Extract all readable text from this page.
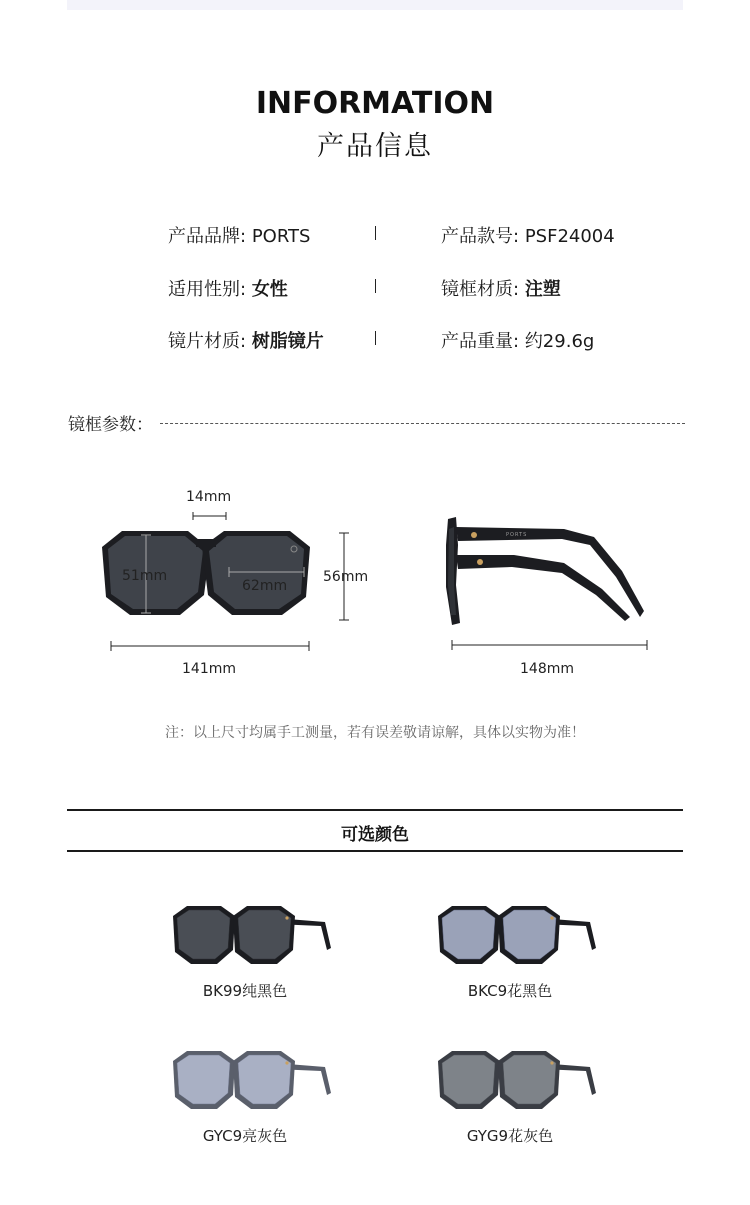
INFORMATION
产品信息
产品品牌: PORTS	产品款号: PSF24004
适用性别: 女性	镜框材质: 注塑
镜片材质: 树脂镜片	产品重量: 约29.6g
镜框参数：
14mm
51mm
62mm
56mm
141mm	148mm
PORTS
注：以上尺寸均属手工测量，若有误差敬请谅解，具体以实物为准！
可选颜色
BK99纯黑色	BKC9花黑色
GYC9亮灰色	GYG9花灰色
